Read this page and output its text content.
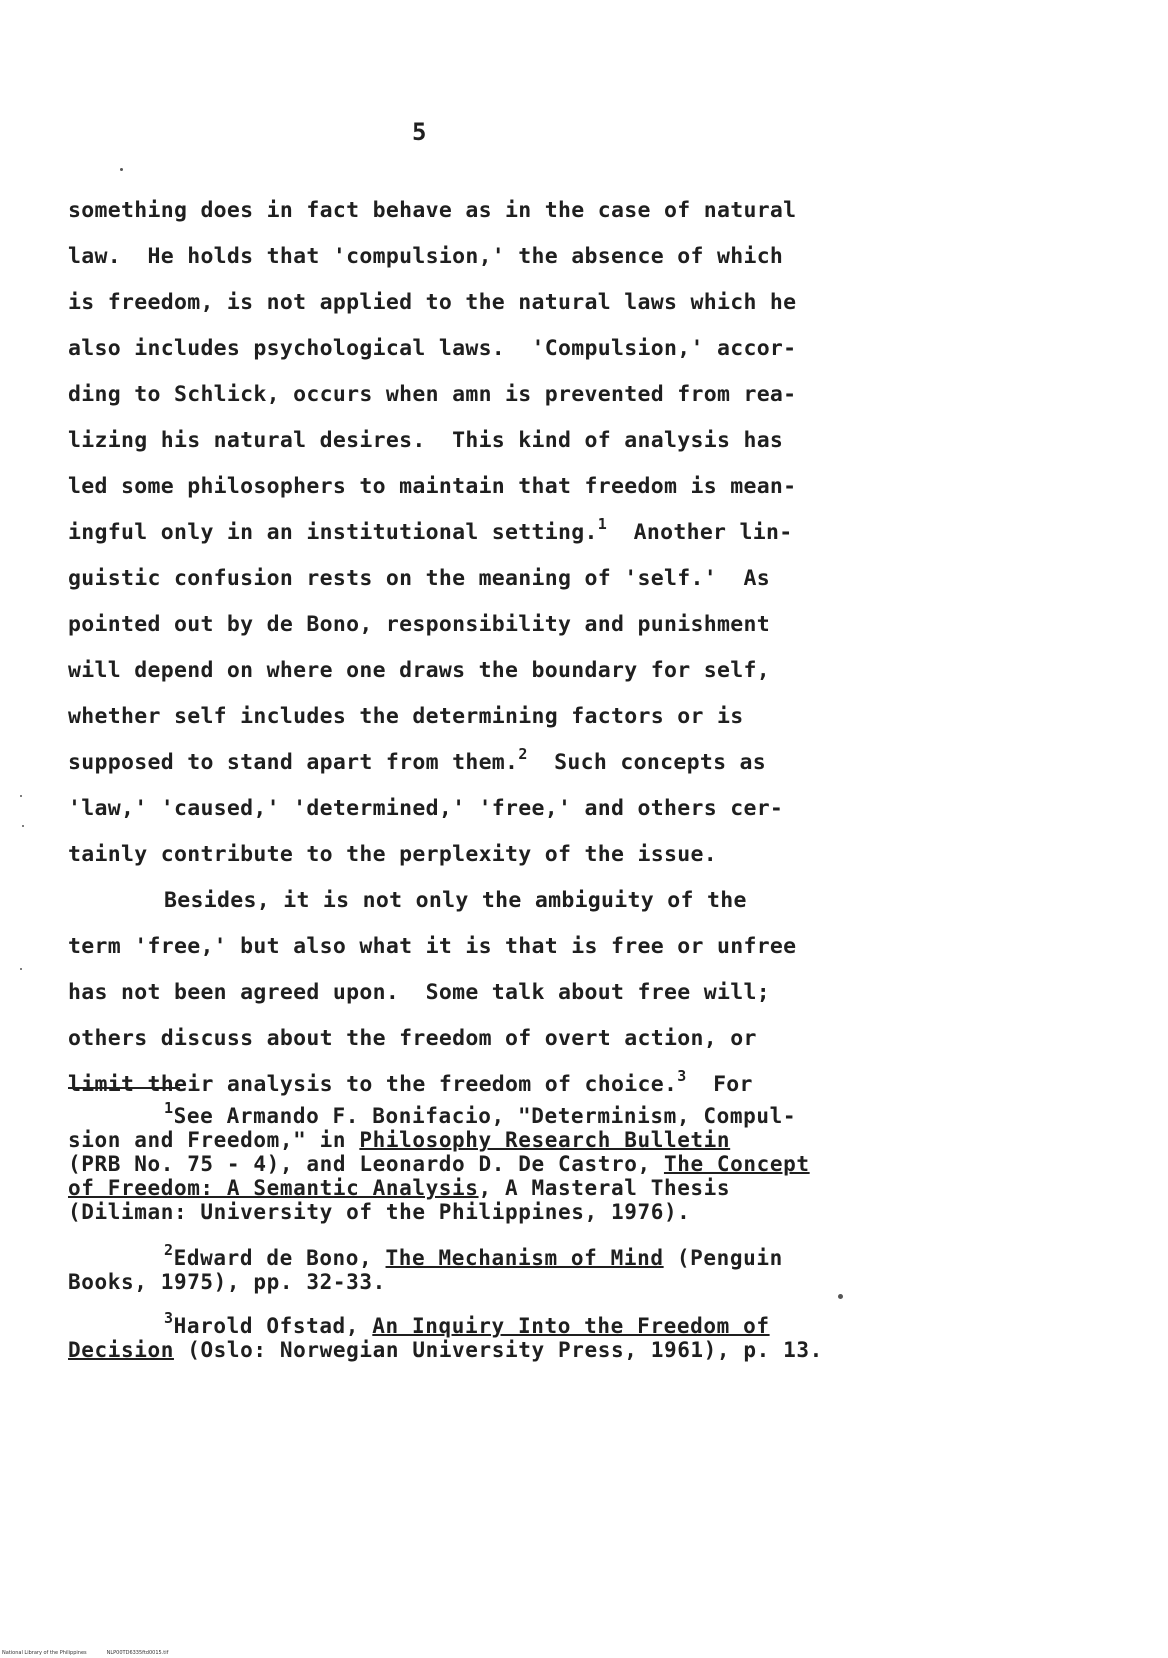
5
something does in fact behave as in the case of natural
law.  He holds that 'compulsion,' the absence of which
is freedom, is not applied to the natural laws which he
also includes psychological laws.  'Compulsion,' accor-
ding to Schlick, occurs when amn is prevented from rea-
lizing his natural desires.  This kind of analysis has
led some philosophers to maintain that freedom is mean-
ingful only in an institutional setting.$^1$  Another lin-
guistic confusion rests on the meaning of 'self.'  As
pointed out by de Bono, responsibility and punishment
will depend on where one draws the boundary for self,
whether self includes the determining factors or is
supposed to stand apart from them.$^2$  Such concepts as
'law,' 'caused,' 'determined,' 'free,' and others cer-
tainly contribute to the perplexity of the issue.
Besides, it is not only the ambiguity of the
term 'free,' but also what it is that is free or unfree
has not been agreed upon.  Some talk about free will;
others discuss about the freedom of overt action, or
limit their analysis to the freedom of choice.$^3$  For
$^1$See Armando F. Bonifacio, "Determinism, Compul-
sion and Freedom," in Philosophy Research Bulletin
(PRB No. 75 - 4), and Leonardo D. De Castro, The Concept
of Freedom: A Semantic Analysis, A Masteral Thesis
(Diliman: University of the Philippines, 1976).
$^2$Edward de Bono, The Mechanism of Mind (Penguin
Books, 1975), pp. 32-33.
$^3$Harold Ofstad, An Inquiry Into the Freedom of
Decision (Oslo: Norwegian University Press, 1961), p. 13.
National Library of the Philippines	NLP00TD6335ftd0015.tif
